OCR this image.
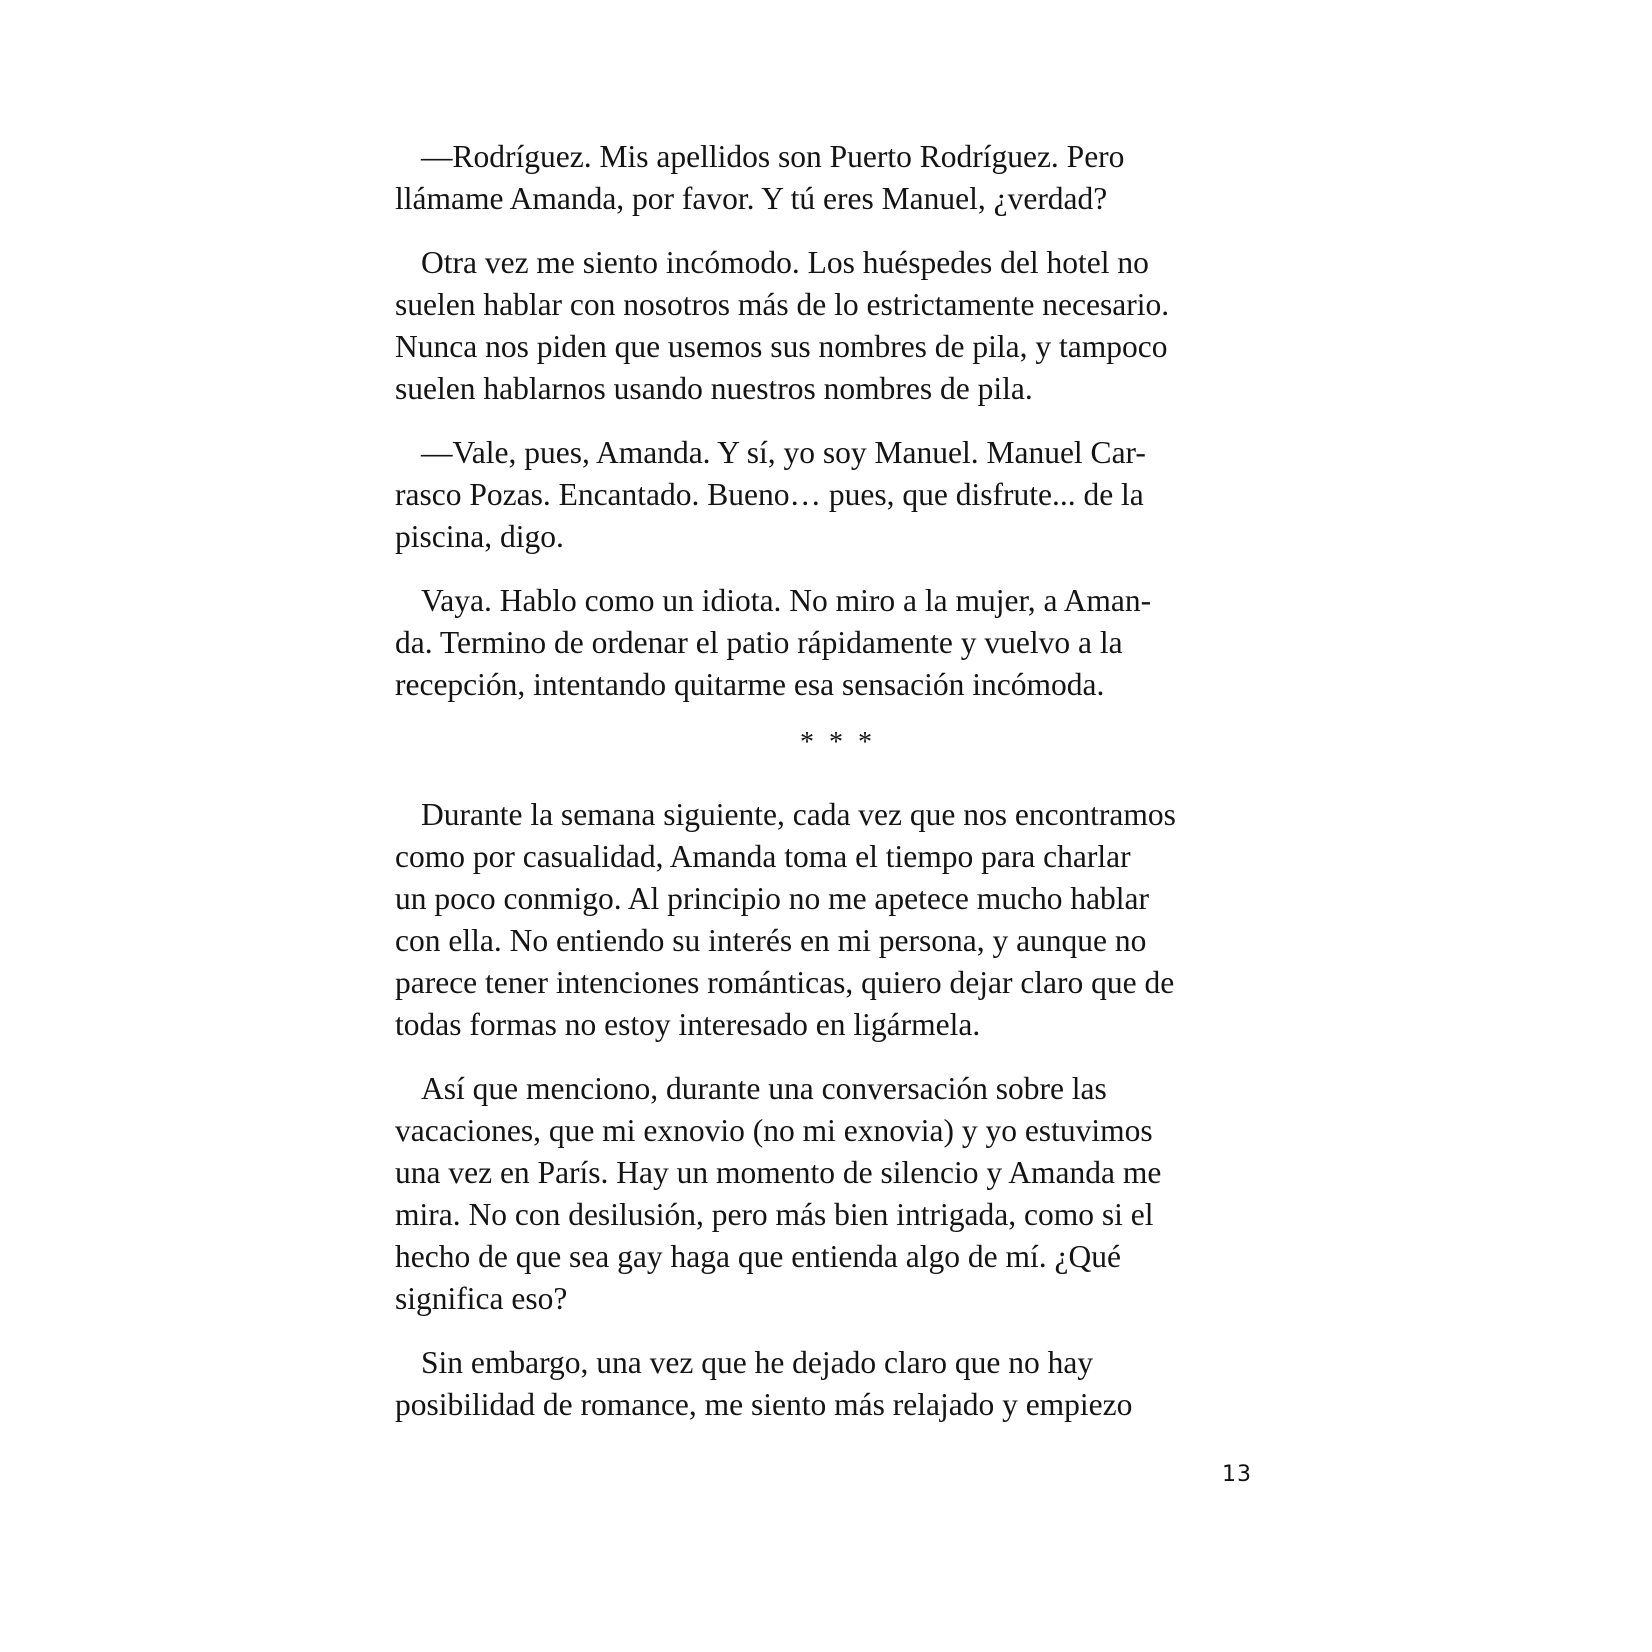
—Rodríguez. Mis apellidos son Puerto Rodríguez. Pero
llámame Amanda, por favor. Y tú eres Manuel, ¿verdad?
Otra vez me siento incómodo. Los huéspedes del hotel no
suelen hablar con nosotros más de lo estrictamente necesario.
Nunca nos piden que usemos sus nombres de pila, y tampoco
suelen hablarnos usando nuestros nombres de pila.
—Vale, pues, Amanda. Y sí, yo soy Manuel. Manuel Car-
rasco Pozas. Encantado. Bueno… pues, que disfrute... de la
piscina, digo.
Vaya. Hablo como un idiota. No miro a la mujer, a Aman-
da. Termino de ordenar el patio rápidamente y vuelvo a la
recepción, intentando quitarme esa sensación incómoda.
* * *
Durante la semana siguiente, cada vez que nos encontramos
como por casualidad, Amanda toma el tiempo para charlar
un poco conmigo. Al principio no me apetece mucho hablar
con ella. No entiendo su interés en mi persona, y aunque no
parece tener intenciones románticas, quiero dejar claro que de
todas formas no estoy interesado en ligármela.
Así que menciono, durante una conversación sobre las
vacaciones, que mi exnovio (no mi exnovia) y yo estuvimos
una vez en París. Hay un momento de silencio y Amanda me
mira. No con desilusión, pero más bien intrigada, como si el
hecho de que sea gay haga que entienda algo de mí. ¿Qué
significa eso?
Sin embargo, una vez que he dejado claro que no hay
posibilidad de romance, me siento más relajado y empiezo
13
